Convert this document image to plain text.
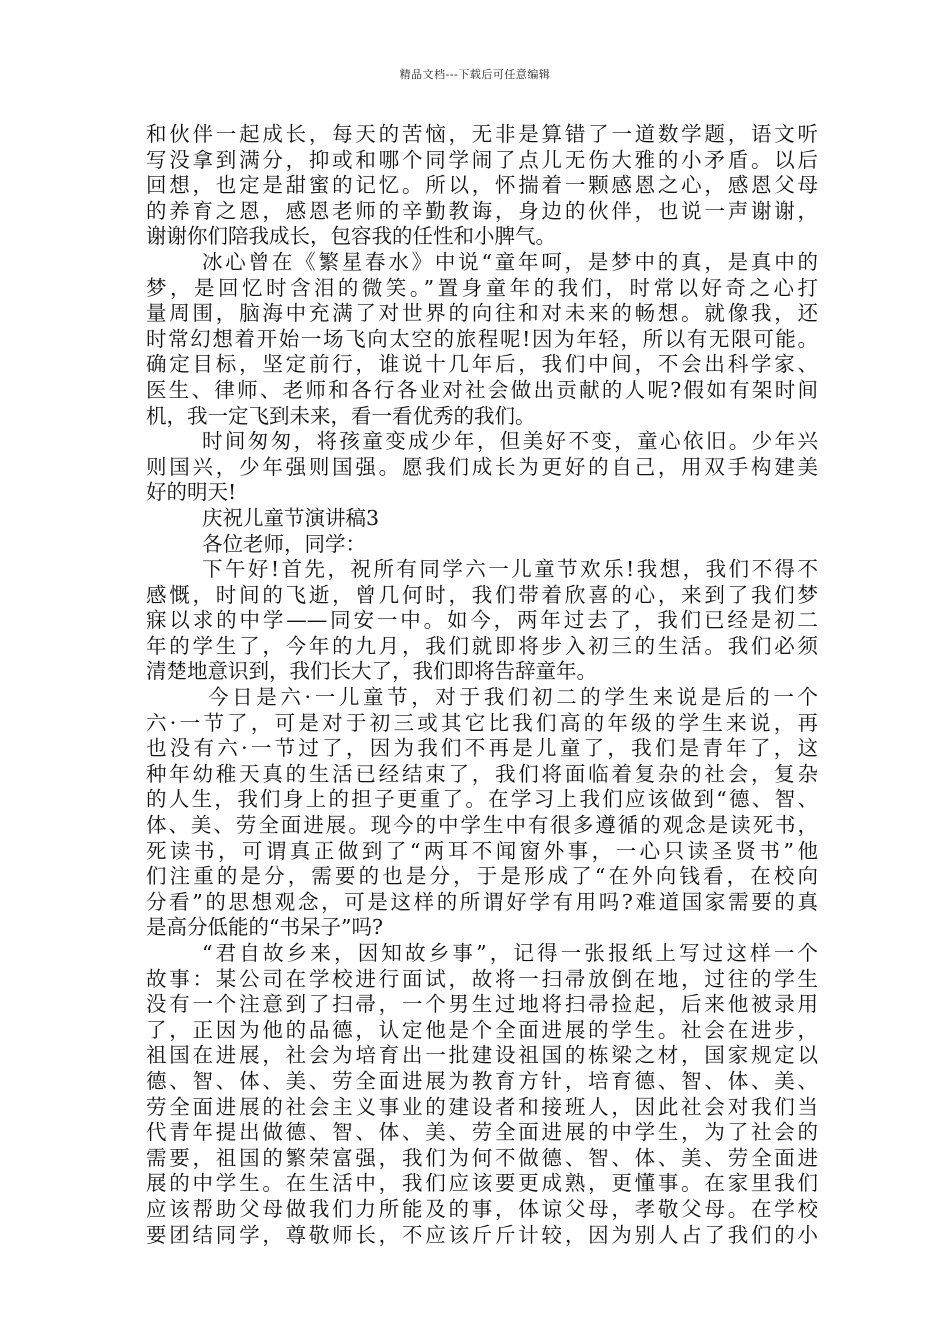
精品文档---下载后可任意编辑
和伙伴一起成长，每天的苦恼，无非是算错了一道数学题，语文听
写没拿到满分，抑或和哪个同学闹了点儿无伤大雅的小矛盾。以后
回想，也定是甜蜜的记忆。所以，怀揣着一颗感恩之心，感恩父母
的养育之恩，感恩老师的辛勤教诲，身边的伙伴，也说一声谢谢，
谢谢你们陪我成长，包容我的任性和小脾气。
冰心曾在《繁星春水》中说“童年呵，是梦中的真，是真中的
梦，是回忆时含泪的微笑。”置身童年的我们，时常以好奇之心打
量周围，脑海中充满了对世界的向往和对未来的畅想。就像我，还
时常幻想着开始一场飞向太空的旅程呢!因为年轻，所以有无限可能。
确定目标，坚定前行，谁说十几年后，我们中间，不会出科学家、
医生、律师、老师和各行各业对社会做出贡献的人呢?假如有架时间
机，我一定飞到未来，看一看优秀的我们。
时间匆匆，将孩童变成少年，但美好不变，童心依旧。少年兴
则国兴，少年强则国强。愿我们成长为更好的自己，用双手构建美
好的明天!
庆祝儿童节演讲稿3
各位老师，同学：
下午好!首先，祝所有同学六一儿童节欢乐!我想，我们不得不
感慨，时间的飞逝，曾几何时，我们带着欣喜的心，来到了我们梦
寐以求的中学——同安一中。如今，两年过去了，我们已经是初二
年的学生了，今年的九月，我们就即将步入初三的生活。我们必须
清楚地意识到，我们长大了，我们即将告辞童年。
今日是六·一儿童节，对于我们初二的学生来说是后的一个
六·一节了，可是对于初三或其它比我们高的年级的学生来说，再
也没有六·一节过了，因为我们不再是儿童了，我们是青年了，这
种年幼稚天真的生活已经结束了，我们将面临着复杂的社会，复杂
的人生，我们身上的担子更重了。在学习上我们应该做到“德、智、
体、美、劳全面进展。现今的中学生中有很多遵循的观念是读死书，
死读书，可谓真正做到了“两耳不闻窗外事，一心只读圣贤书”他
们注重的是分，需要的也是分，于是形成了“在外向钱看，在校向
分看”的思想观念，可是这样的所谓好学有用吗?难道国家需要的真
是高分低能的“书呆子”吗?
“君自故乡来，因知故乡事”，记得一张报纸上写过这样一个
故事：某公司在学校进行面试，故将一扫帚放倒在地，过往的学生
没有一个注意到了扫帚，一个男生过地将扫帚捡起，后来他被录用
了，正因为他的品德，认定他是个全面进展的学生。社会在进步，
祖国在进展，社会为培育出一批建设祖国的栋梁之材，国家规定以
德、智、体、美、劳全面进展为教育方针，培育德、智、体、美、
劳全面进展的社会主义事业的建设者和接班人，因此社会对我们当
代青年提出做德、智、体、美、劳全面进展的中学生，为了社会的
需要，祖国的繁荣富强，我们为何不做德、智、体、美、劳全面进
展的中学生。在生活中，我们应该要更成熟，更懂事。在家里我们
应该帮助父母做我们力所能及的事，体谅父母，孝敬父母。在学校
要团结同学，尊敬师长，不应该斤斤计较，因为别人占了我们的小
